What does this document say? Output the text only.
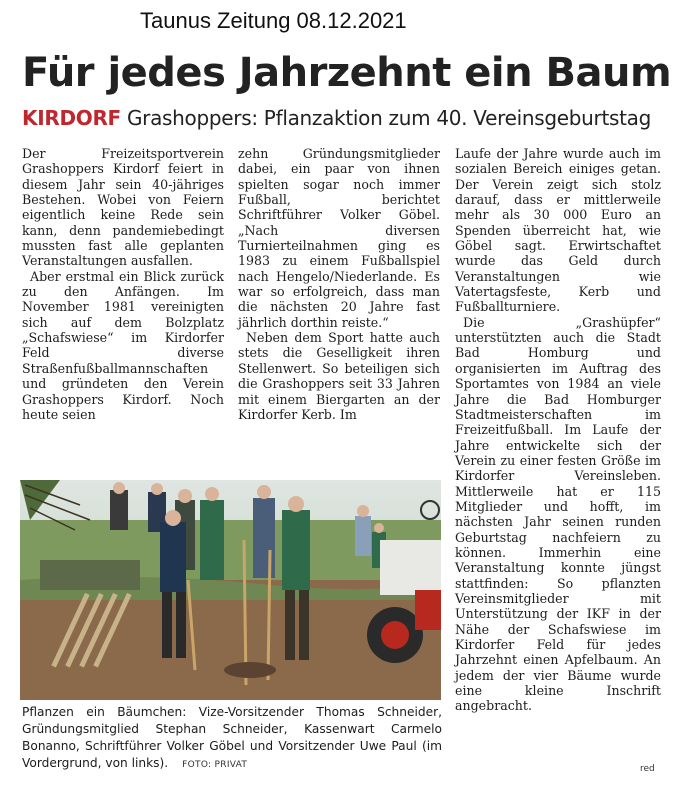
Taunus Zeitung 08.12.2021
Für jedes Jahrzehnt ein Baum
KIRDORF Grashoppers: Pflanzaktion zum 40. Vereinsgeburtstag

Der Freizeitsportverein Grashoppers Kirdorf feiert in diesem Jahr sein 40-jähriges Bestehen. Wobei von Feiern eigentlich keine Rede sein kann, denn pandemiebedingt mussten fast alle geplanten Veranstaltungen ausfallen.

Aber erstmal ein Blick zurück zu den Anfängen. Im November 1981 vereinigten sich auf dem Bolzplatz „Schafswiese“ im Kirdorfer Feld diverse Straßenfußballmannschaften und gründeten den Verein Grashoppers Kirdorf. Noch heute seien

zehn Gründungsmitglieder dabei, ein paar von ihnen spielten sogar noch immer Fußball, berichtet Schriftführer Volker Göbel. „Nach diversen Turnierteilnahmen ging es 1983 zu einem Fußballspiel nach Hengelo/Niederlande. Es war so erfolgreich, dass man die nächsten 20 Jahre fast jährlich dorthin reiste.“

Neben dem Sport hatte auch stets die Geselligkeit ihren Stellenwert. So beteiligen sich die Grashoppers seit 33 Jahren mit einem Biergarten an der Kirdorfer Kerb. Im

Laufe der Jahre wurde auch im sozialen Bereich einiges getan. Der Verein zeigt sich stolz darauf, dass er mittlerweile mehr als 30 000 Euro an Spenden überreicht hat, wie Göbel sagt. Erwirtschaftet wurde das Geld durch Veranstaltungen wie Vatertagsfeste, Kerb und Fußballturniere.

Die „Grashüpfer“ unterstützten auch die Stadt Bad Homburg und organisierten im Auftrag des Sportamtes von 1984 an viele Jahre die Bad Homburger Stadtmeisterschaften im Freizeitfußball. Im Laufe der Jahre entwickelte sich der Verein zu einer festen Größe im Kirdorfer Vereinsleben. Mittlerweile hat er 115 Mitglieder und hofft, im nächsten Jahr seinen runden Geburtstag nachfeiern zu können. Immerhin eine Veranstaltung konnte jüngst stattfinden: So pflanzten Vereinsmitglieder mit Unterstützung der IKF in der Nähe der Schafswiese im Kirdorfer Feld für jedes Jahrzehnt einen Apfelbaum. An jedem der vier Bäume wurde eine kleine Inschrift angebracht.

Pflanzen ein Bäumchen: Vize-Vorsitzender Thomas Schneider, Gründungsmitglied Stephan Schneider, Kassenwart Carmelo Bonanno, Schriftführer Volker Göbel und Vorsitzender Uwe Paul (im Vordergrund, von links). FOTO: PRIVAT	red
